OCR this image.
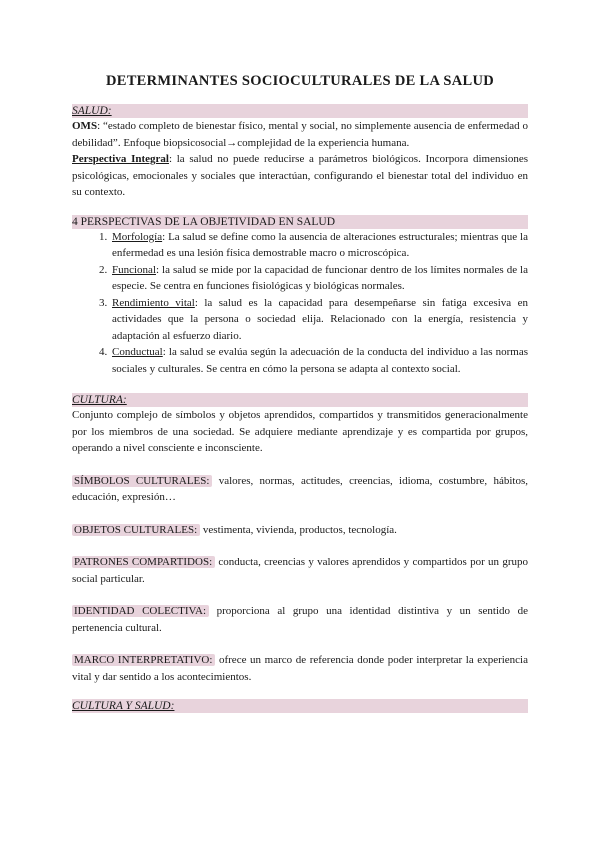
DETERMINANTES SOCIOCULTURALES DE LA SALUD
SALUD:

OMS: “estado completo de bienestar físico, mental y social, no simplemente ausencia de enfermedad o debilidad”. Enfoque biopsicosocial→complejidad de la experiencia humana.

Perspectiva Integral: la salud no puede reducirse a parámetros biológicos. Incorpora dimensiones psicológicas, emocionales y sociales que interactúan, configurando el bienestar total del individuo en su contexto.

4 PERSPECTIVAS DE LA OBJETIVIDAD EN SALUD
1. Morfología: La salud se define como la ausencia de alteraciones estructurales; mientras que la enfermedad es una lesión física demostrable macro o microscópica.
2. Funcional: la salud se mide por la capacidad de funcionar dentro de los límites normales de la especie. Se centra en funciones fisiológicas y biológicas normales.
3. Rendimiento vital: la salud es la capacidad para desempeñarse sin fatiga excesiva en actividades que la persona o sociedad elija. Relacionado con la energía, resistencia y adaptación al esfuerzo diario.
4. Conductual: la salud se evalúa según la adecuación de la conducta del individuo a las normas sociales y culturales. Se centra en cómo la persona se adapta al contexto social.
CULTURA:

Conjunto complejo de símbolos y objetos aprendidos, compartidos y transmitidos generacionalmente por los miembros de una sociedad. Se adquiere mediante aprendizaje y es compartida por grupos, operando a nivel consciente e inconsciente.

SÍMBOLOS CULTURALES: valores, normas, actitudes, creencias, idioma, costumbre, hábitos, educación, expresión…

OBJETOS CULTURALES: vestimenta, vivienda, productos, tecnología.

PATRONES COMPARTIDOS: conducta, creencias y valores aprendidos y compartidos por un grupo social particular.

IDENTIDAD COLECTIVA: proporciona al grupo una identidad distintiva y un sentido de pertenencia cultural.

MARCO INTERPRETATIVO: ofrece un marco de referencia donde poder interpretar la experiencia vital y dar sentido a los acontecimientos.

CULTURA Y SALUD:
